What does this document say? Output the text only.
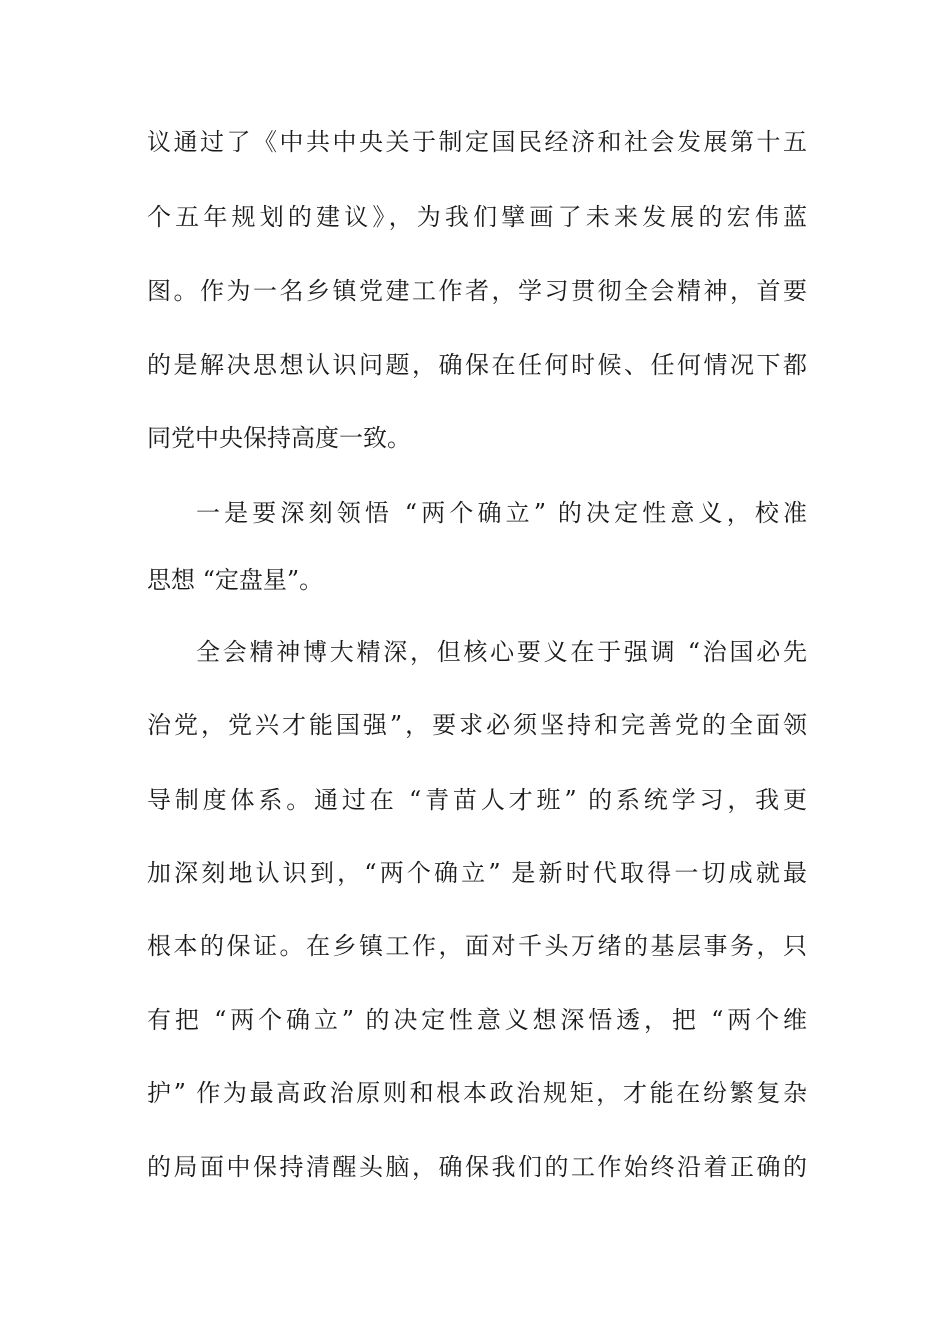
议通过了《中共中央关于制定国民经济和社会发展第十五
个五年规划的建议》，为我们擘画了未来发展的宏伟蓝
图。作为一名乡镇党建工作者，学习贯彻全会精神，首要
的是解决思想认识问题，确保在任何时候、任何情况下都
同党中央保持高度一致。
一是要深刻领悟 “两个确立” 的决定性意义，校准
思想 “定盘星”。
全会精神博大精深，但核心要义在于强调 “治国必先
治党，党兴才能国强”，要求必须坚持和完善党的全面领
导制度体系。通过在 “青苗人才班” 的系统学习，我更
加深刻地认识到，“两个确立” 是新时代取得一切成就最
根本的保证。在乡镇工作，面对千头万绪的基层事务，只
有把 “两个确立” 的决定性意义想深悟透，把 “两个维
护” 作为最高政治原则和根本政治规矩，才能在纷繁复杂
的局面中保持清醒头脑，确保我们的工作始终沿着正确的
